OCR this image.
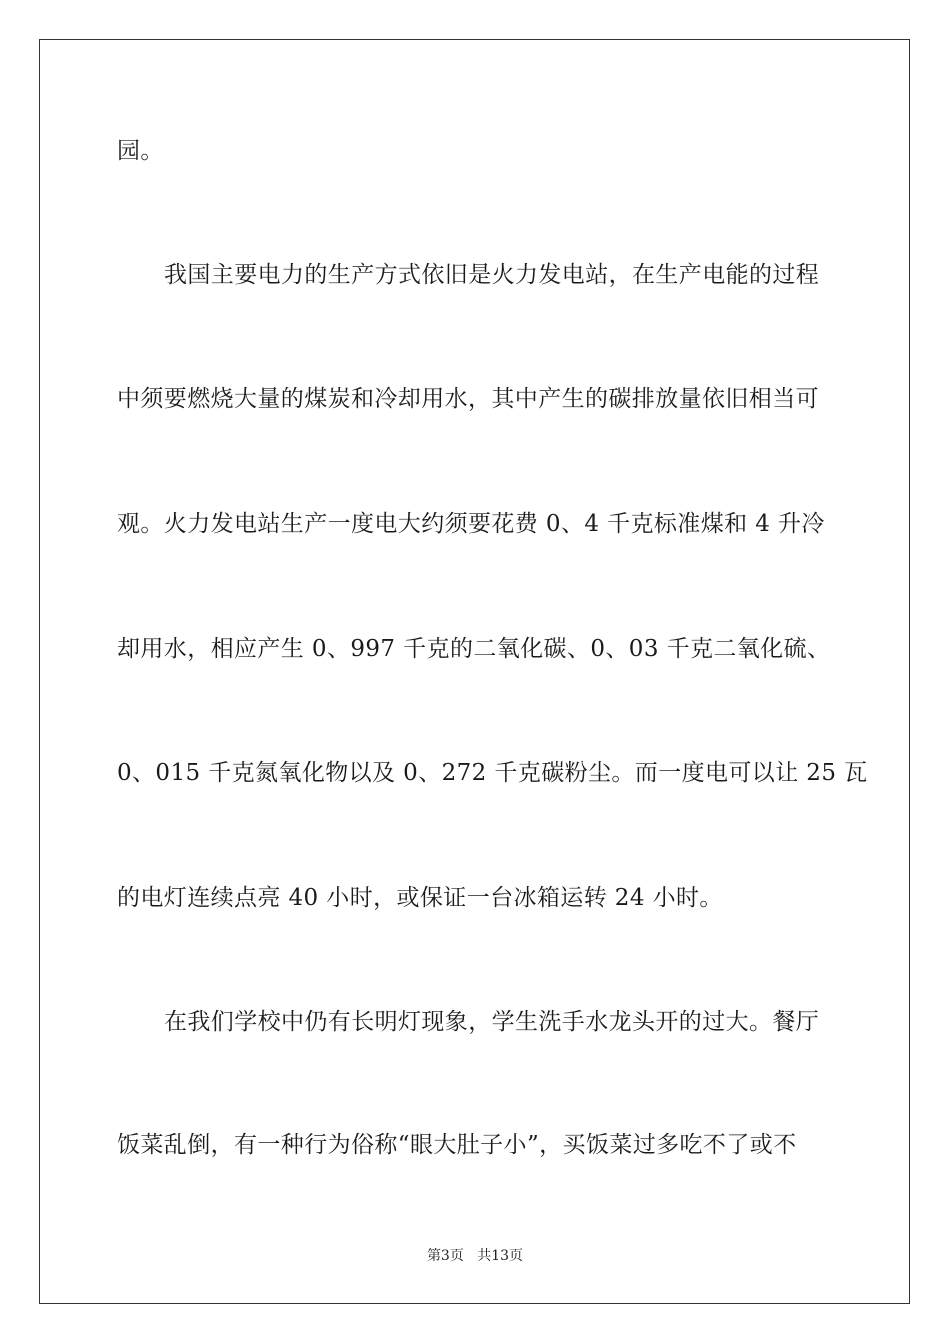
园。
我国主要电力的生产方式依旧是火力发电站，在生产电能的过程
中须要燃烧大量的煤炭和冷却用水，其中产生的碳排放量依旧相当可
观。火力发电站生产一度电大约须要花费 0、4 千克标准煤和 4 升冷
却用水，相应产生 0、997 千克的二氧化碳、0、03 千克二氧化硫、
0、015 千克氮氧化物以及 0、272 千克碳粉尘。而一度电可以让 25 瓦
的电灯连续点亮 40 小时，或保证一台冰箱运转 24 小时。
在我们学校中仍有长明灯现象，学生洗手水龙头开的过大。餐厅
饭菜乱倒，有一种行为俗称“眼大肚子小”，买饭菜过多吃不了或不
第3页 共13页
